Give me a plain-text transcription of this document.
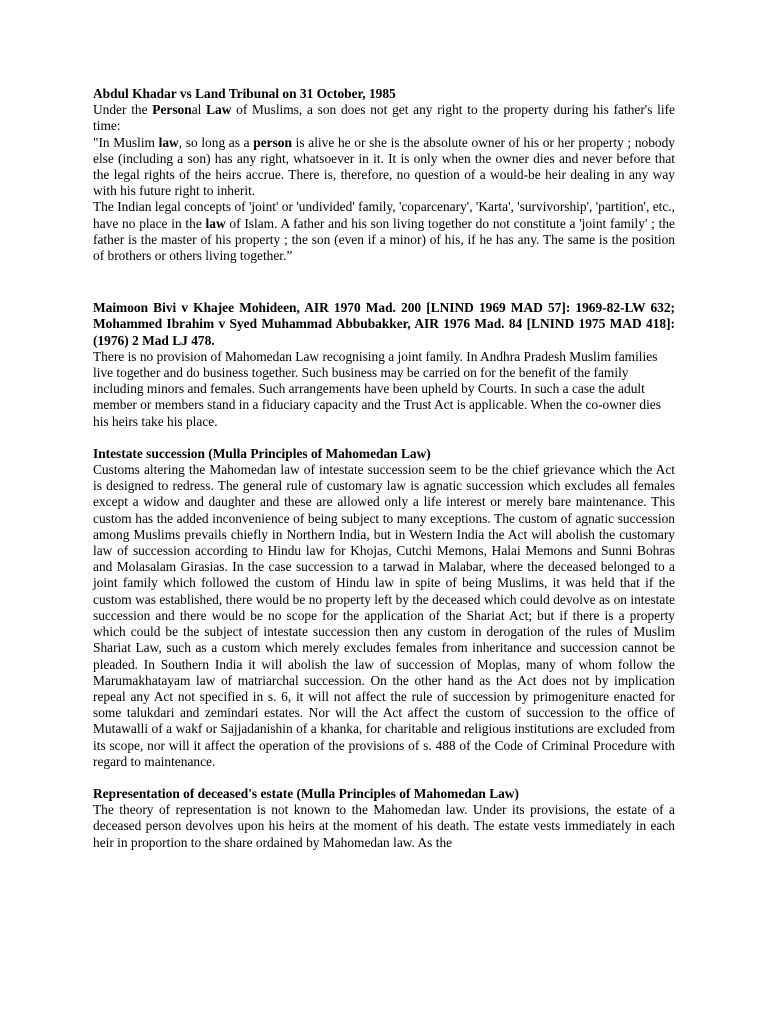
Abdul Khadar vs Land Tribunal on 31 October, 1985

Under the Personal Law of Muslims, a son does not get any right to the property during his father's life time:

"In Muslim law, so long as a person is alive he or she is the absolute owner of his or her property ; nobody else (including a son) has any right, whatsoever in it. It is only when the owner dies and never before that the legal rights of the heirs accrue. There is, therefore, no question of a would-be heir dealing in any way with his future right to inherit.

The Indian legal concepts of 'joint' or 'undivided' family, 'coparcenary', 'Karta', 'survivorship', 'partition', etc., have no place in the law of Islam. A father and his son living together do not constitute a 'joint family' ; the father is the master of his property ; the son (even if a minor) of his, if he has any. The same is the position of brothers or others living together.”

Maimoon Bivi v Khajee Mohideen, AIR 1970 Mad. 200 [LNIND 1969 MAD 57]: 1969-82-LW 632; Mohammed Ibrahim v Syed Muhammad Abbubakker, AIR 1976 Mad. 84 [LNIND 1975 MAD 418]: (1976) 2 Mad LJ 478.

There is no provision of Mahomedan Law recognising a joint family. In Andhra Pradesh Muslim families live together and do business together. Such business may be carried on for the benefit of the family including minors and females. Such arrangements have been upheld by Courts. In such a case the adult member or members stand in a fiduciary capacity and the Trust Act is applicable. When the co-owner dies his heirs take his place.

Intestate succession (Mulla Principles of Mahomedan Law)

Customs altering the Mahomedan law of intestate succession seem to be the chief grievance which the Act is designed to redress. The general rule of customary law is agnatic succession which excludes all females except a widow and daughter and these are allowed only a life interest or merely bare maintenance. This custom has the added inconvenience of being subject to many exceptions. The custom of agnatic succession among Muslims prevails chiefly in Northern India, but in Western India the Act will abolish the customary law of succession according to Hindu law for Khojas, Cutchi Memons, Halai Memons and Sunni Bohras and Molasalam Girasias. In the case succession to a tarwad in Malabar, where the deceased belonged to a joint family which followed the custom of Hindu law in spite of being Muslims, it was held that if the custom was established, there would be no property left by the deceased which could devolve as on intestate succession and there would be no scope for the application of the Shariat Act; but if there is a property which could be the subject of intestate succession then any custom in derogation of the rules of Muslim Shariat Law, such as a custom which merely excludes females from inheritance and succession cannot be pleaded. In Southern India it will abolish the law of succession of Moplas, many of whom follow the Marumakhatayam law of matriarchal succession. On the other hand as the Act does not by implication repeal any Act not specified in s. 6, it will not affect the rule of succession by primogeniture enacted for some talukdari and zemindari estates. Nor will the Act affect the custom of succession to the office of Mutawalli of a wakf or Sajjadanishin of a khanka, for charitable and religious institutions are excluded from its scope, nor will it affect the operation of the provisions of s. 488 of the Code of Criminal Procedure with regard to maintenance.

Representation of deceased's estate (Mulla Principles of Mahomedan Law)

The theory of representation is not known to the Mahomedan law. Under its provisions, the estate of a deceased person devolves upon his heirs at the moment of his death. The estate vests immediately in each heir in proportion to the share ordained by Mahomedan law. As the
